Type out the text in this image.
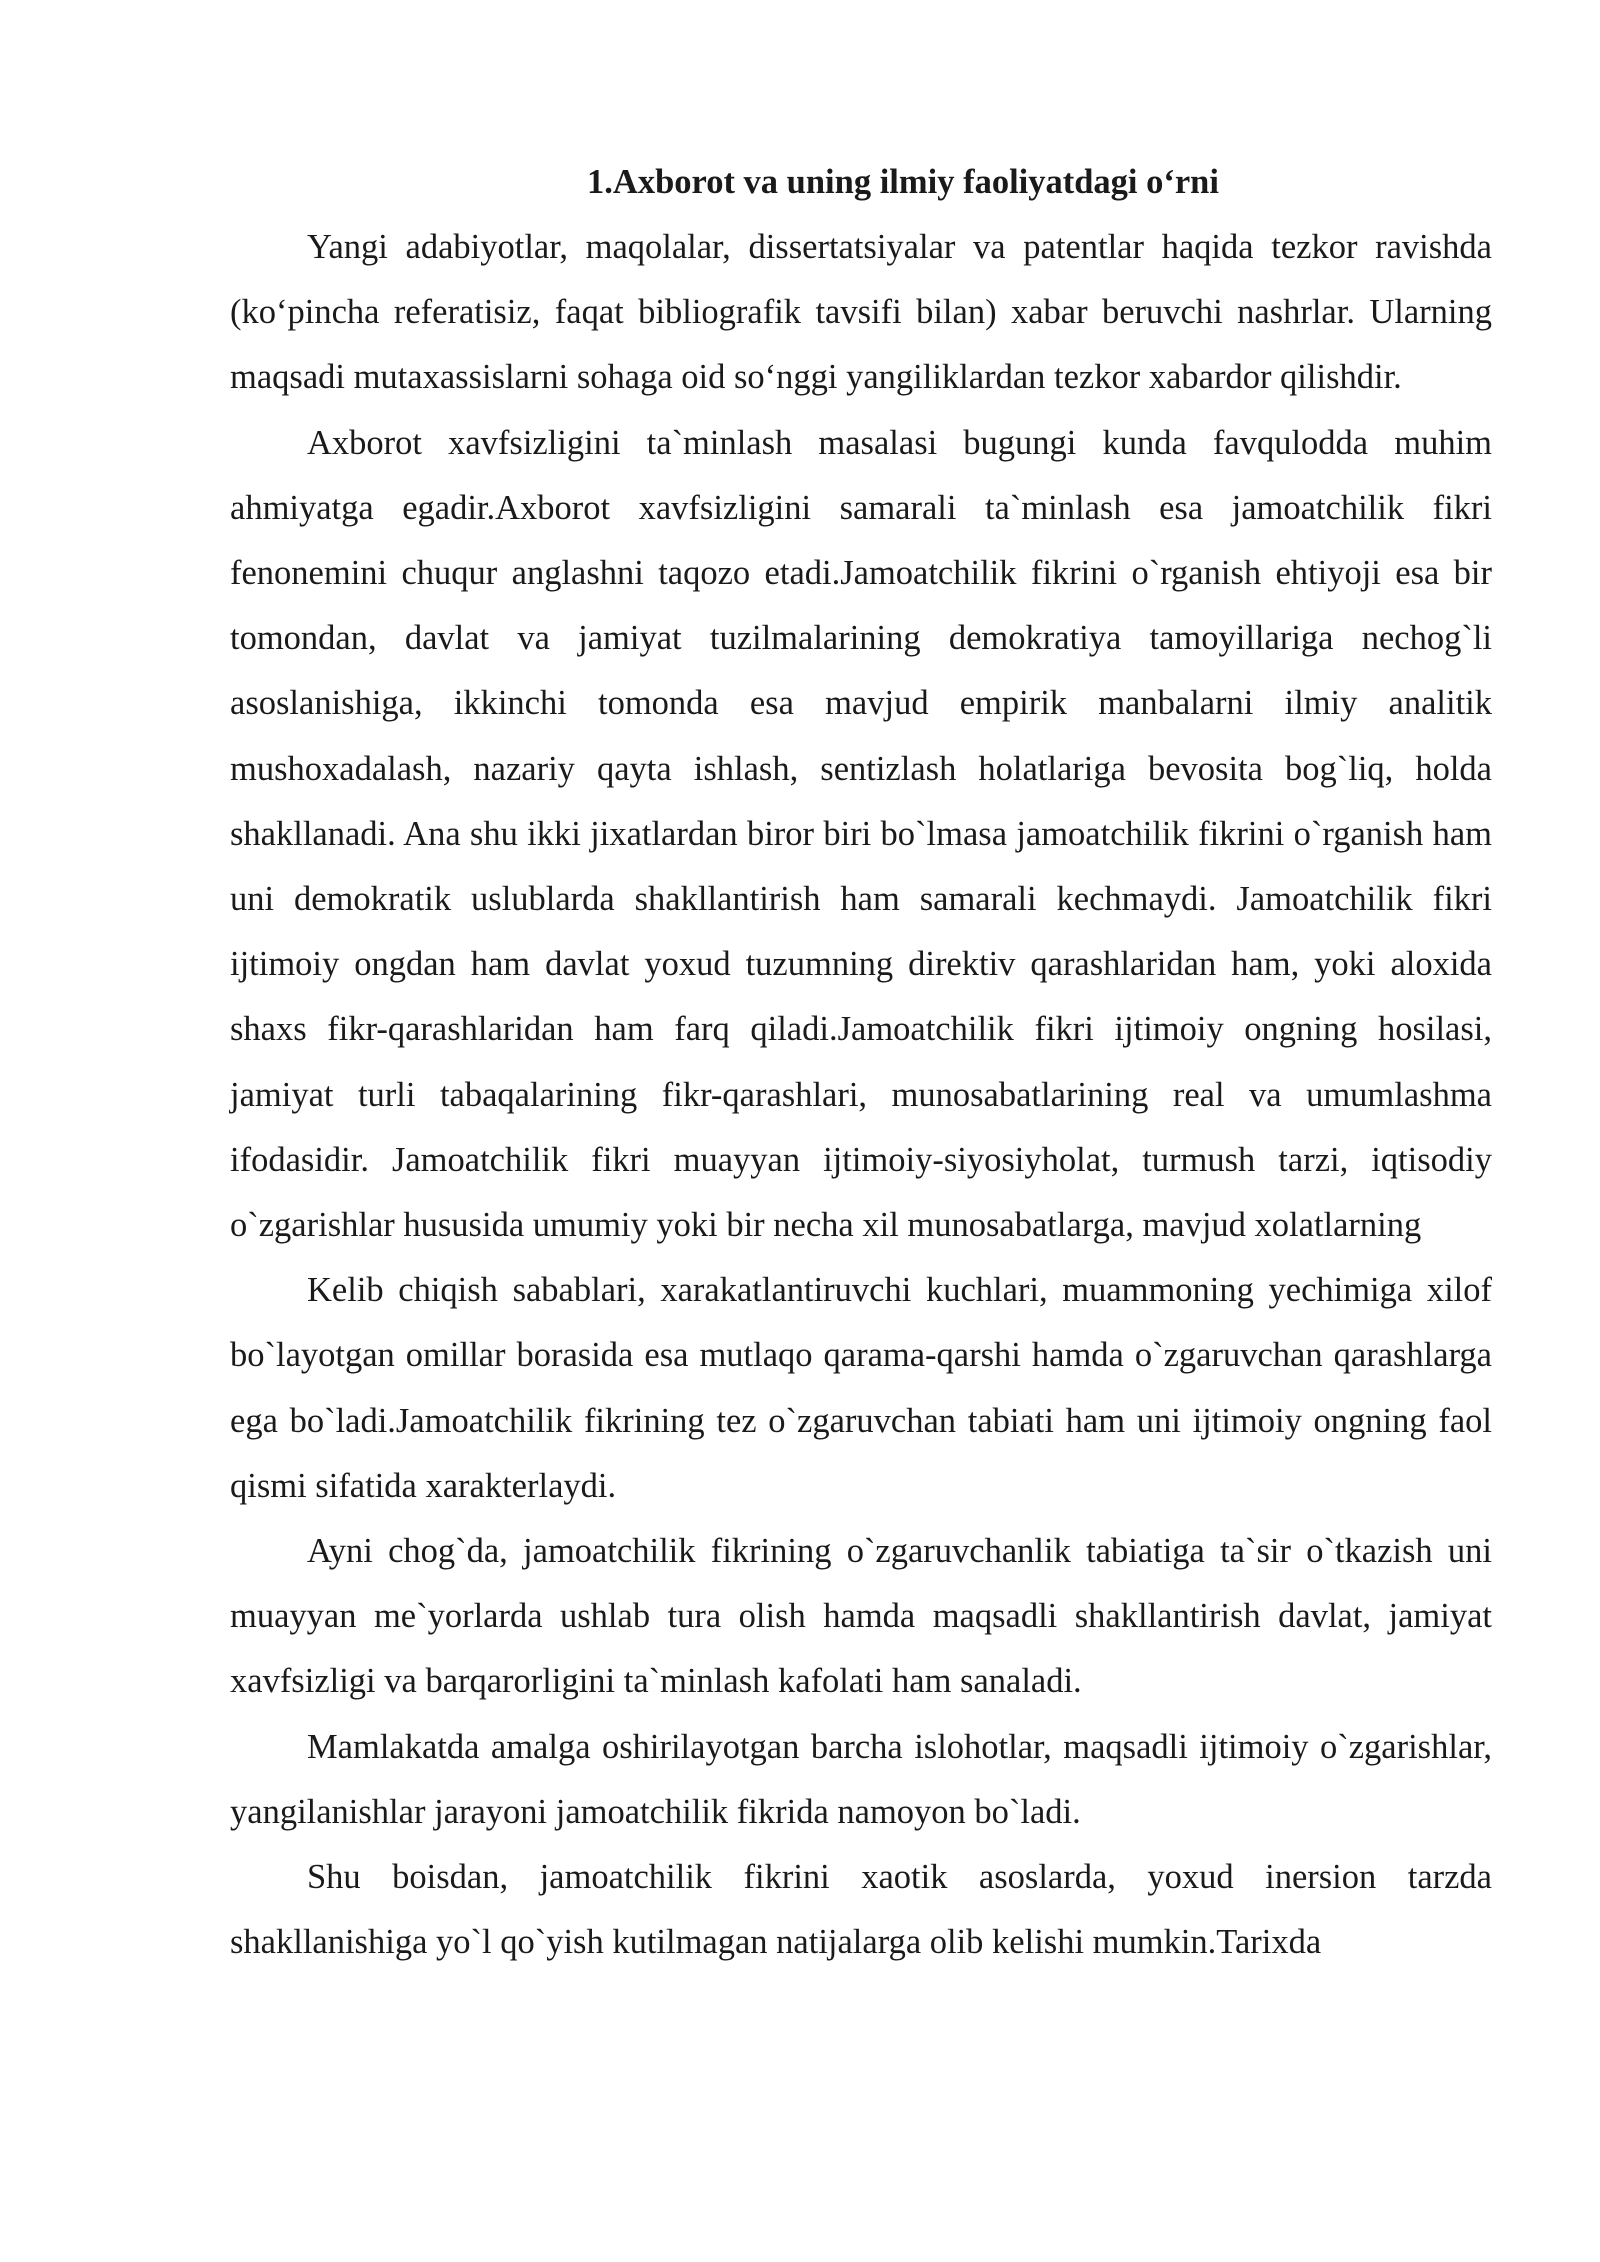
1.Axborot va uning ilmiy faoliyatdagi o‘rni

Yangi adabiyotlar, maqolalar, dissertatsiyalar va patentlar haqida tezkor ravishda (ko‘pincha referatisiz, faqat bibliografik tavsifi bilan) xabar beruvchi nashrlar. Ularning maqsadi mutaxassislarni sohaga oid so‘nggi yangiliklardan tezkor xabardor qilishdir.

Axborot xavfsizligini ta`minlash masalasi bugungi kunda favqulodda muhim ahmiyatga egadir.Axborot xavfsizligini samarali ta`minlash esa jamoatchilik fikri fenonemini chuqur anglashni taqozo etadi.Jamoatchilik fikrini o`rganish ehtiyoji esa bir tomondan, davlat va jamiyat tuzilmalarining demokratiya tamoyillariga nechog`li asoslanishiga, ikkinchi tomonda esa mavjud empirik manbalarni ilmiy analitik mushoxadalash, nazariy qayta ishlash, sentizlash holatlariga bevosita bog`liq, holda shakllanadi. Ana shu ikki jixatlardan biror biri bo`lmasa jamoatchilik fikrini o`rganish ham uni demokratik uslublarda shakllantirish ham samarali kechmaydi. Jamoatchilik fikri ijtimoiy ongdan ham davlat yoxud tuzumning direktiv qarashlaridan ham, yoki aloxida shaxs fikr-qarashlaridan ham farq qiladi.Jamoatchilik fikri ijtimoiy ongning hosilasi, jamiyat turli tabaqalarining fikr-qarashlari, munosabatlarining real va umumlashma ifodasidir. Jamoatchilik fikri muayyan ijtimoiy-siyosiyholat, turmush tarzi, iqtisodiy o`zgarishlar hususida umumiy yoki bir necha xil munosabatlarga, mavjud xolatlarning

Kelib chiqish sabablari, xarakatlantiruvchi kuchlari, muammoning yechimiga xilof bo`layotgan omillar borasida esa mutlaqo qarama-qarshi hamda o`zgaruvchan qarashlarga ega bo`ladi.Jamoatchilik fikrining tez o`zgaruvchan tabiati ham uni ijtimoiy ongning faol qismi sifatida xarakterlaydi.

Ayni chog`da, jamoatchilik fikrining o`zgaruvchanlik tabiatiga ta`sir o`tkazish uni muayyan me`yorlarda ushlab tura olish hamda maqsadli shakllantirish davlat, jamiyat xavfsizligi va barqarorligini ta`minlash kafolati ham sanaladi.

Mamlakatda amalga oshirilayotgan barcha islohotlar, maqsadli ijtimoiy o`zgarishlar, yangilanishlar jarayoni jamoatchilik fikrida namoyon bo`ladi.

Shu boisdan, jamoatchilik fikrini xaotik asoslarda, yoxud inersion tarzda shakllanishiga yo`l qo`yish kutilmagan natijalarga olib kelishi mumkin.Tarixda
